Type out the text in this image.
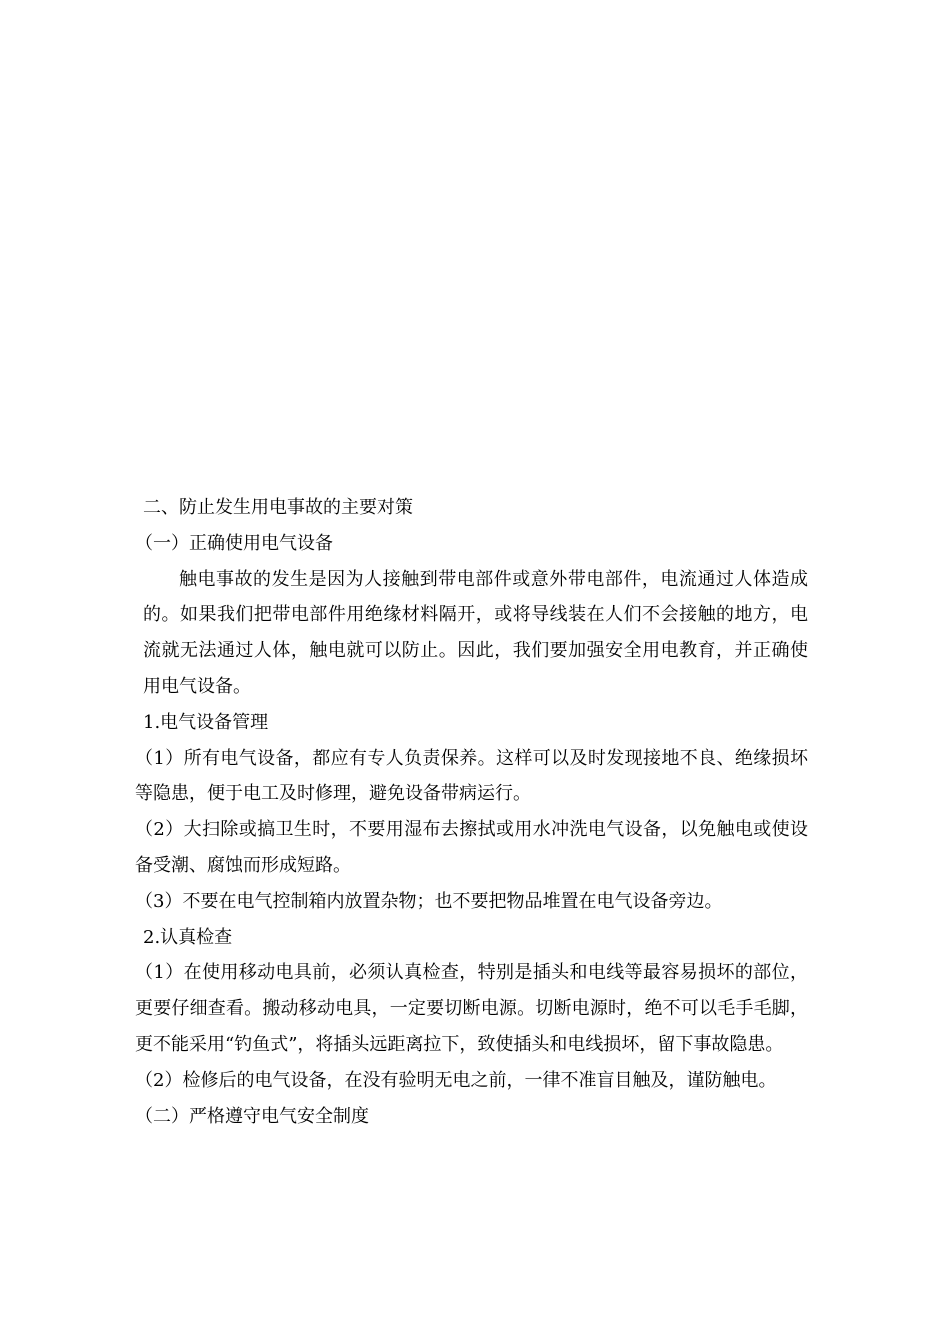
二、防止发生用电事故的主要对策

（一）正确使用电气设备

触电事故的发生是因为人接触到带电部件或意外带电部件，电流通过人体造成的。如果我们把带电部件用绝缘材料隔开，或将导线装在人们不会接触的地方，电流就无法通过人体，触电就可以防止。因此，我们要加强安全用电教育，并正确使用电气设备。

1.电气设备管理

（1）所有电气设备，都应有专人负责保养。这样可以及时发现接地不良、绝缘损坏等隐患，便于电工及时修理，避免设备带病运行。

（2）大扫除或搞卫生时，不要用湿布去擦拭或用水冲洗电气设备，以免触电或使设备受潮、腐蚀而形成短路。

（3）不要在电气控制箱内放置杂物；也不要把物品堆置在电气设备旁边。

2.认真检查

（1）在使用移动电具前，必须认真检查，特别是插头和电线等最容易损坏的部位，更要仔细查看。搬动移动电具，一定要切断电源。切断电源时，绝不可以毛手毛脚，更不能采用“钓鱼式”，将插头远距离拉下，致使插头和电线损坏，留下事故隐患。

（2）检修后的电气设备，在没有验明无电之前，一律不准盲目触及，谨防触电。

（二）严格遵守电气安全制度
